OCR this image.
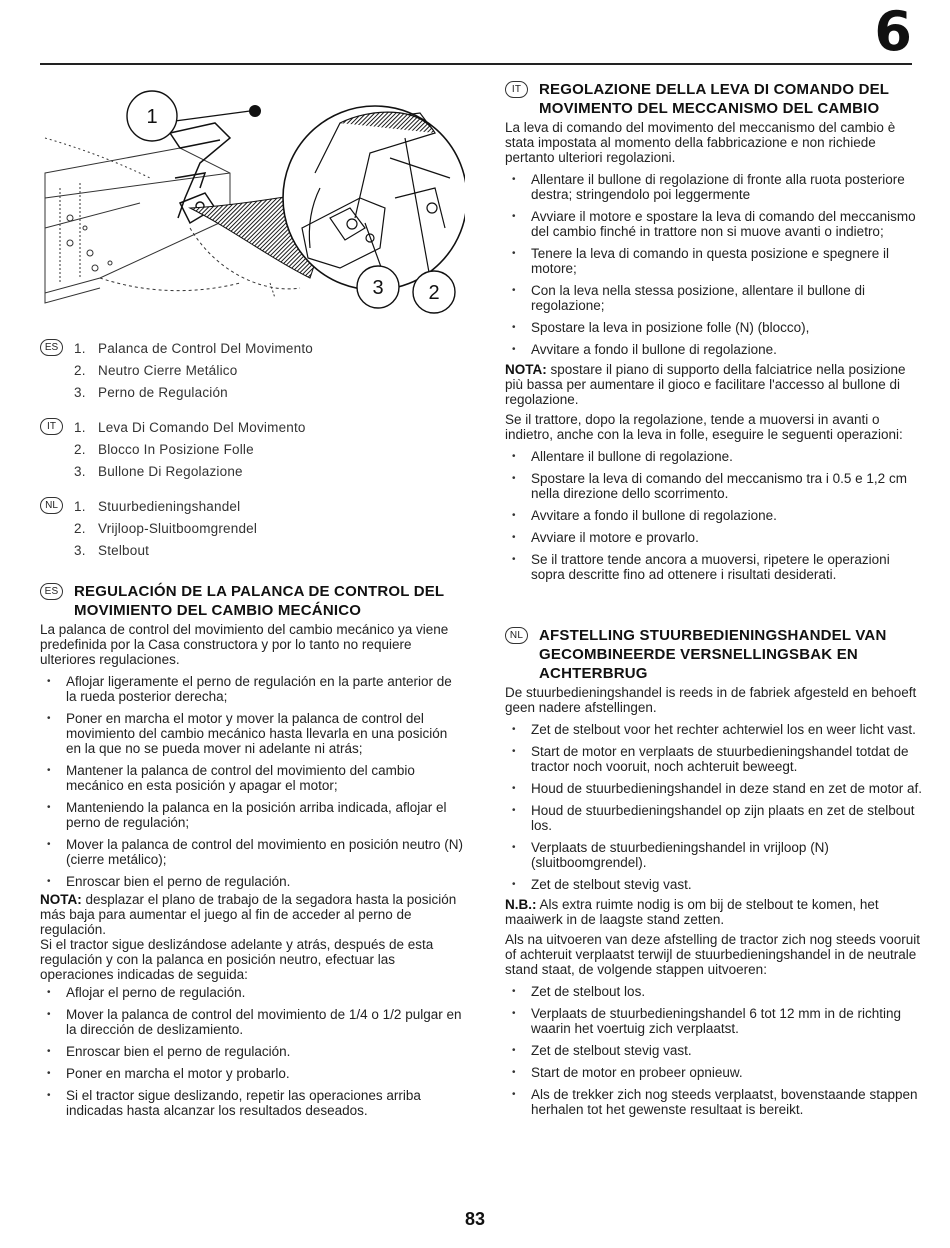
6
1
3 2
ES	1. Palanca de Control Del Movimento
2. Neutro Cierre Metálico
3. Perno de Regulación
IT	1. Leva Di Comando Del Movimento
2. Blocco In Posizione Folle
3. Bullone Di Regolazione
NL	1. Stuurbedieningshandel
2. Vrijloop-Sluitboomgrendel
3. Stelbout
ES	REGULACIÓN DE LA PALANCA DE CONTROL DEL MOVIMIENTO DEL CAMBIO MECÁNICO

La palanca de control del movimiento del cambio mecánico ya viene predefinida por la Casa constructora y por lo tanto no requiere ulteriores regulaciones.

• Aflojar ligeramente el perno de regulación en la parte anterior de la rueda posterior derecha;
• Poner en marcha el motor y mover la palanca de control del movimiento del cambio mecánico hasta llevarla en una posición en la que no se pueda mover ni adelante ni atrás;
• Mantener la palanca de control del movimiento del cambio mecánico en esta posición y apagar el motor;
• Manteniendo la palanca en la posición arriba indicada, aflojar el perno de regulación;
• Mover la palanca de control del movimiento en posición neutro (N) (cierre metálico);
• Enroscar bien el perno de regulación.

NOTA: desplazar el plano de trabajo de la segadora hasta la posición más baja para aumentar el juego al fin de acceder al perno de regulación.

Si el tractor sigue deslizándose adelante y atrás, después de esta regulación y con la palanca en posición neutro, efectuar las operaciones indicadas de seguida:

• Aflojar el perno de regulación.
• Mover la palanca de control del movimiento de 1/4 o 1/2 pulgar en la dirección de deslizamiento.
• Enroscar bien el perno de regulación.
• Poner en marcha el motor y probarlo.
• Si el tractor sigue deslizando, repetir las operaciones arriba indicadas hasta alcanzar los resultados deseados.
IT	REGOLAZIONE DELLA LEVA DI COMANDO DEL MOVIMENTO DEL MECCANISMO DEL CAMBIO

La leva di comando del movimento del meccanismo del cambio è stata impostata al momento della fabbricazione e non richiede pertanto ulteriori regolazioni.

• Allentare il bullone di regolazione di fronte alla ruota posteriore destra; stringendolo poi leggermente
• Avviare il motore e spostare la leva di comando del meccanismo del cambio finché in trattore non si muove avanti o indietro;
• Tenere la leva di comando in questa posizione e spegnere il motore;
• Con la leva nella stessa posizione, allentare il bullone di regolazione;
• Spostare la leva in posizione folle (N) (blocco),
• Avvitare a fondo il bullone di regolazione.

NOTA: spostare il piano di supporto della falciatrice nella posizione più bassa per aumentare il gioco e facilitare l'accesso al bullone di regolazione.

Se il trattore, dopo la regolazione, tende a muoversi in avanti o indietro, anche con la leva in folle, eseguire le seguenti operazioni:

• Allentare il bullone di regolazione.
• Spostare la leva di comando del meccanismo tra i 0.5 e 1,2 cm nella direzione dello scorrimento.
• Avvitare a fondo il bullone di regolazione.
• Avviare il motore e provarlo.
• Se il trattore tende ancora a muoversi, ripetere le operazioni sopra descritte fino ad ottenere i risultati desiderati.
NL	AFSTELLING STUURBEDIENINGSHANDEL VAN GECOMBINEERDE VERSNELLINGSBAK EN ACHTERBRUG

De stuurbedieningshandel is reeds in de fabriek afgesteld en behoeft geen nadere afstellingen.

• Zet de stelbout voor het rechter achterwiel los en weer licht vast.
• Start de motor en verplaats de stuurbedieningshandel totdat de tractor noch vooruit, noch achteruit beweegt.
• Houd de stuurbedieningshandel in deze stand en zet de motor af.
• Houd de stuurbedieningshandel op zijn plaats en zet de stelbout los.
• Verplaats de stuurbedieningshandel in vrijloop (N) (sluitboomgrendel).
• Zet de stelbout stevig vast.

N.B.: Als extra ruimte nodig is om bij de stelbout te komen, het maaiwerk in de laagste stand zetten.

Als na uitvoeren van deze afstelling de tractor zich nog steeds vooruit of achteruit verplaatst terwijl de stuurbedieningshandel in de neutrale stand staat, de volgende stappen uitvoeren:

• Zet de stelbout los.
• Verplaats de stuurbedieningshandel 6 tot 12 mm in de richting waarin het voertuig zich verplaatst.
• Zet de stelbout stevig vast.
• Start de motor en probeer opnieuw.
• Als de trekker zich nog steeds verplaatst, bovenstaande stappen herhalen tot het gewenste resultaat is bereikt.
83
